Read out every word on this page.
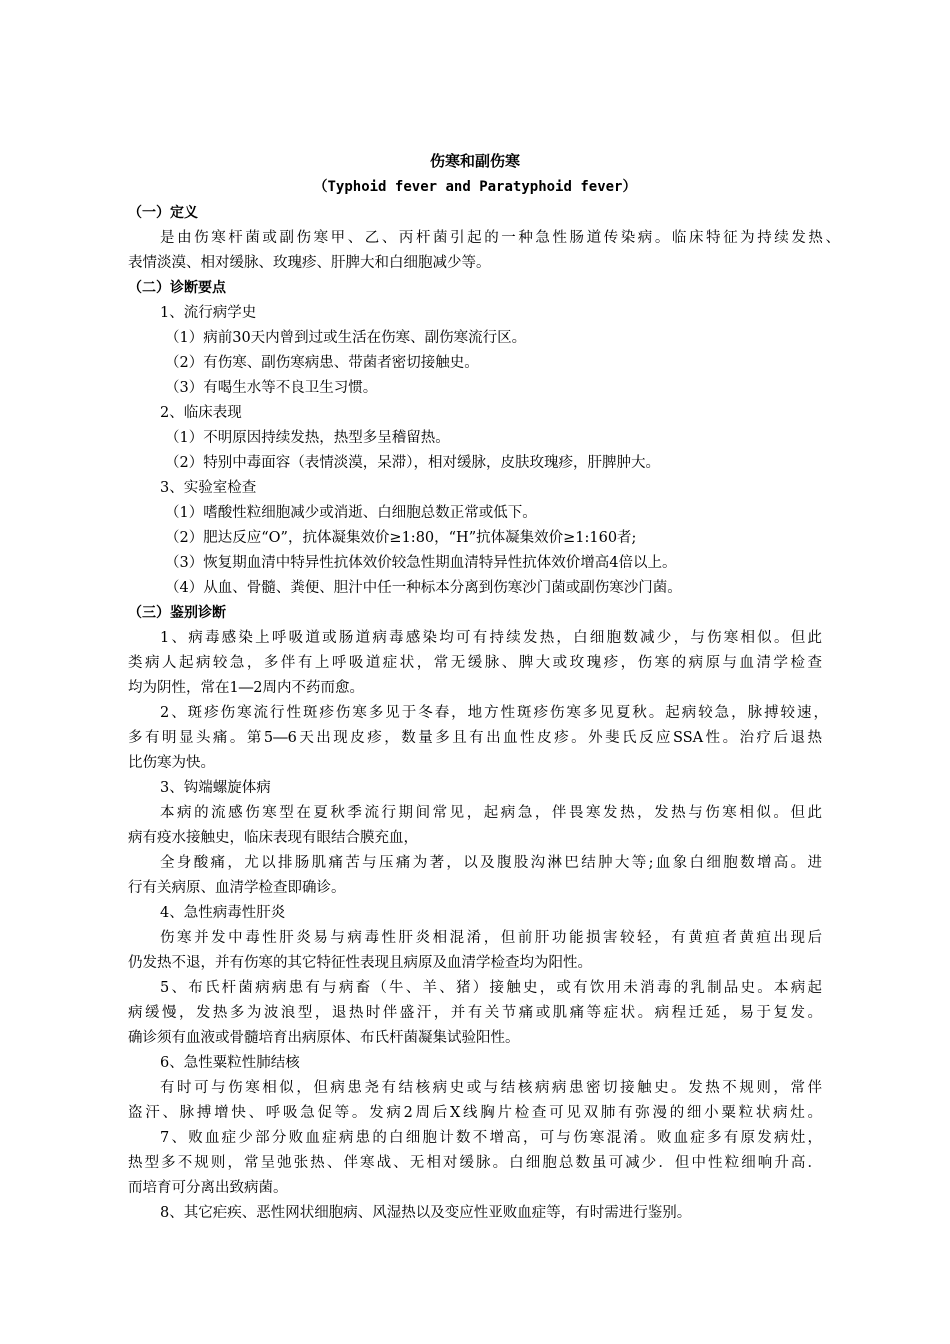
伤寒和副伤寒
（Typhoid fever and Paratyphoid fever）
（一）定义
是由伤寒杆菌或副伤寒甲、乙、丙杆菌引起的一种急性肠道传染病。临床特征为持续发热、
表情淡漠、相对缓脉、玫瑰疹、肝脾大和白细胞减少等。
（二）诊断要点
1、流行病学史
（1）病前30天内曾到过或生活在伤寒、副伤寒流行区。
（2）有伤寒、副伤寒病患、带菌者密切接触史。
（3）有喝生水等不良卫生习惯。
2、临床表现
（1）不明原因持续发热，热型多呈稽留热。
（2）特别中毒面容（表情淡漠，呆滞），相对缓脉，皮肤玫瑰疹，肝脾肿大。
3、实验室检查
（1）嗜酸性粒细胞减少或消逝、白细胞总数正常或低下。
（2）肥达反应“O”，抗体凝集效价≥1:80，“H”抗体凝集效价≥1:160者;
（3）恢复期血清中特异性抗体效价较急性期血清特异性抗体效价增高4倍以上。
（4）从血、骨髓、粪便、胆汁中任一种标本分离到伤寒沙门菌或副伤寒沙门菌。
（三）鉴别诊断
1、病毒感染上呼吸道或肠道病毒感染均可有持续发热，白细胞数减少，与伤寒相似。但此
类病人起病较急，多伴有上呼吸道症状，常无缓脉、脾大或玫瑰疹，伤寒的病原与血清学检查
均为阴性，常在1―2周内不药而愈。
2、斑疹伤寒流行性斑疹伤寒多见于冬春，地方性斑疹伤寒多见夏秋。起病较急，脉搏较速，
多有明显头痛。第5―6天出现皮疹，数量多且有出血性皮疹。外斐氏反应SSA性。治疗后退热
比伤寒为快。
3、钩端螺旋体病
本病的流感伤寒型在夏秋季流行期间常见，起病急，伴畏寒发热，发热与伤寒相似。但此
病有疫水接触史，临床表现有眼结合膜充血，
全身酸痛，尤以排肠肌痛苦与压痛为著，以及腹股沟淋巴结肿大等;血象白细胞数增高。进
行有关病原、血清学检查即确诊。
4、急性病毒性肝炎
伤寒并发中毒性肝炎易与病毒性肝炎相混淆，但前肝功能损害较轻，有黄疸者黄疸出现后
仍发热不退，并有伤寒的其它特征性表现且病原及血清学检查均为阳性。
5、布氏杆菌病病患有与病畜（牛、羊、猪）接触史，或有饮用未消毒的乳制品史。本病起
病缓慢，发热多为波浪型，退热时伴盛汗，并有关节痛或肌痛等症状。病程迁延，易于复发。
确诊须有血液或骨髓培育出病原体、布氏杆菌凝集试验阳性。
6、急性粟粒性肺结核
有时可与伤寒相似，但病患尧有结核病史或与结核病病患密切接触史。发热不规则，常伴
盗汗、脉搏增快、呼吸急促等。发病2周后X线胸片检查可见双肺有弥漫的细小粟粒状病灶。
7、败血症少部分败血症病患的白细胞计数不增高，可与伤寒混淆。败血症多有原发病灶，
热型多不规则，常呈弛张热、伴寒战、无相对缓脉。白细胞总数虽可减少．但中性粒细响升高．
而培育可分离出致病菌。
8、其它疟疾、恶性网状细胞病、风湿热以及变应性亚败血症等，有时需进行鉴别。
